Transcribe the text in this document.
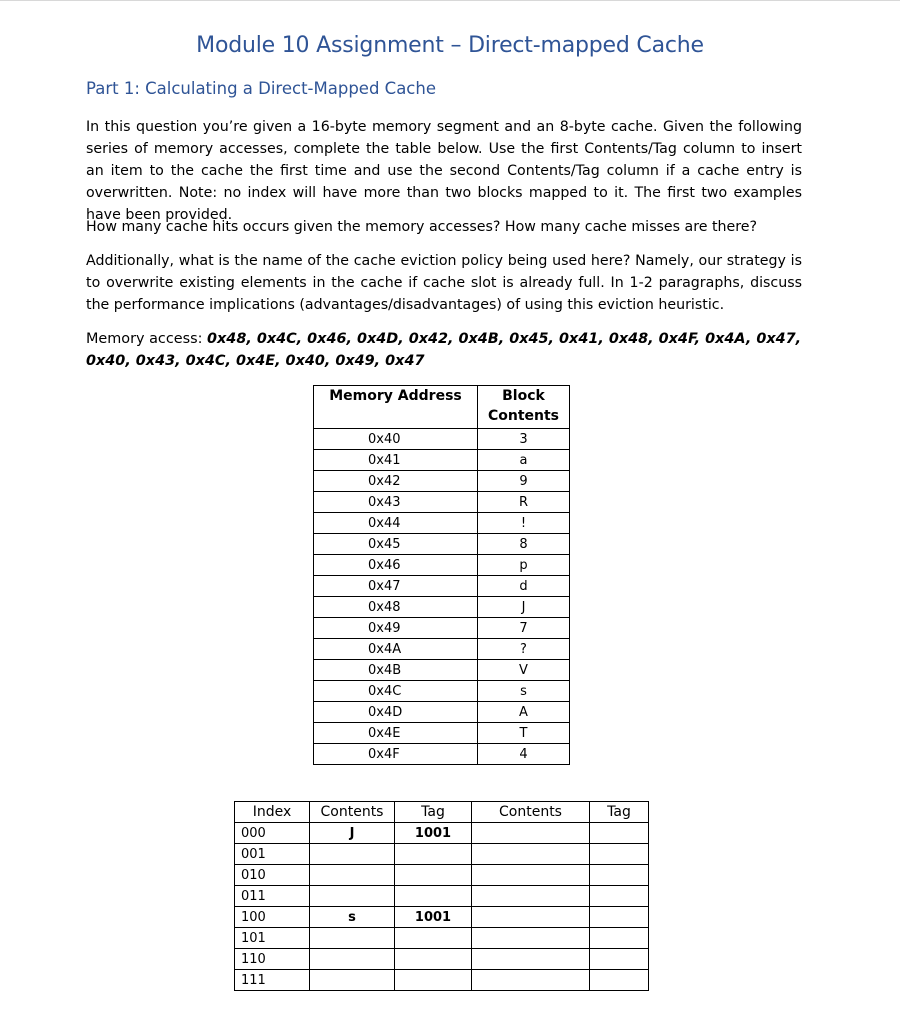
Module 10 Assignment – Direct-mapped Cache
Part 1: Calculating a Direct-Mapped Cache
In this question you’re given a 16-byte memory segment and an 8-byte cache. Given the following series of memory accesses, complete the table below. Use the first Contents/Tag column to insert an item to the cache the first time and use the second Contents/Tag column if a cache entry is overwritten. Note: no index will have more than two blocks mapped to it. The first two examples have been provided.
How many cache hits occurs given the memory accesses? How many cache misses are there?
Additionally, what is the name of the cache eviction policy being used here? Namely, our strategy is to overwrite existing elements in the cache if cache slot is already full. In 1-2 paragraphs, discuss the performance implications (advantages/disadvantages) of using this eviction heuristic.
Memory access: 0x48, 0x4C, 0x46, 0x4D, 0x42, 0x4B, 0x45, 0x41, 0x48, 0x4F, 0x4A, 0x47, 0x40, 0x43, 0x4C, 0x4E, 0x40, 0x49, 0x47
Memory Address	Block Contents
0x40	3
0x41	a
0x42	9
0x43	R
0x44	!
0x45	8
0x46	p
0x47	d
0x48	J
0x49	7
0x4A	?
0x4B	V
0x4C	s
0x4D	A
0x4E	T
0x4F	4
Index	Contents	Tag	Contents	Tag
000	J	1001		
001				
010				
011				
100	s	1001		
101				
110				
111				
